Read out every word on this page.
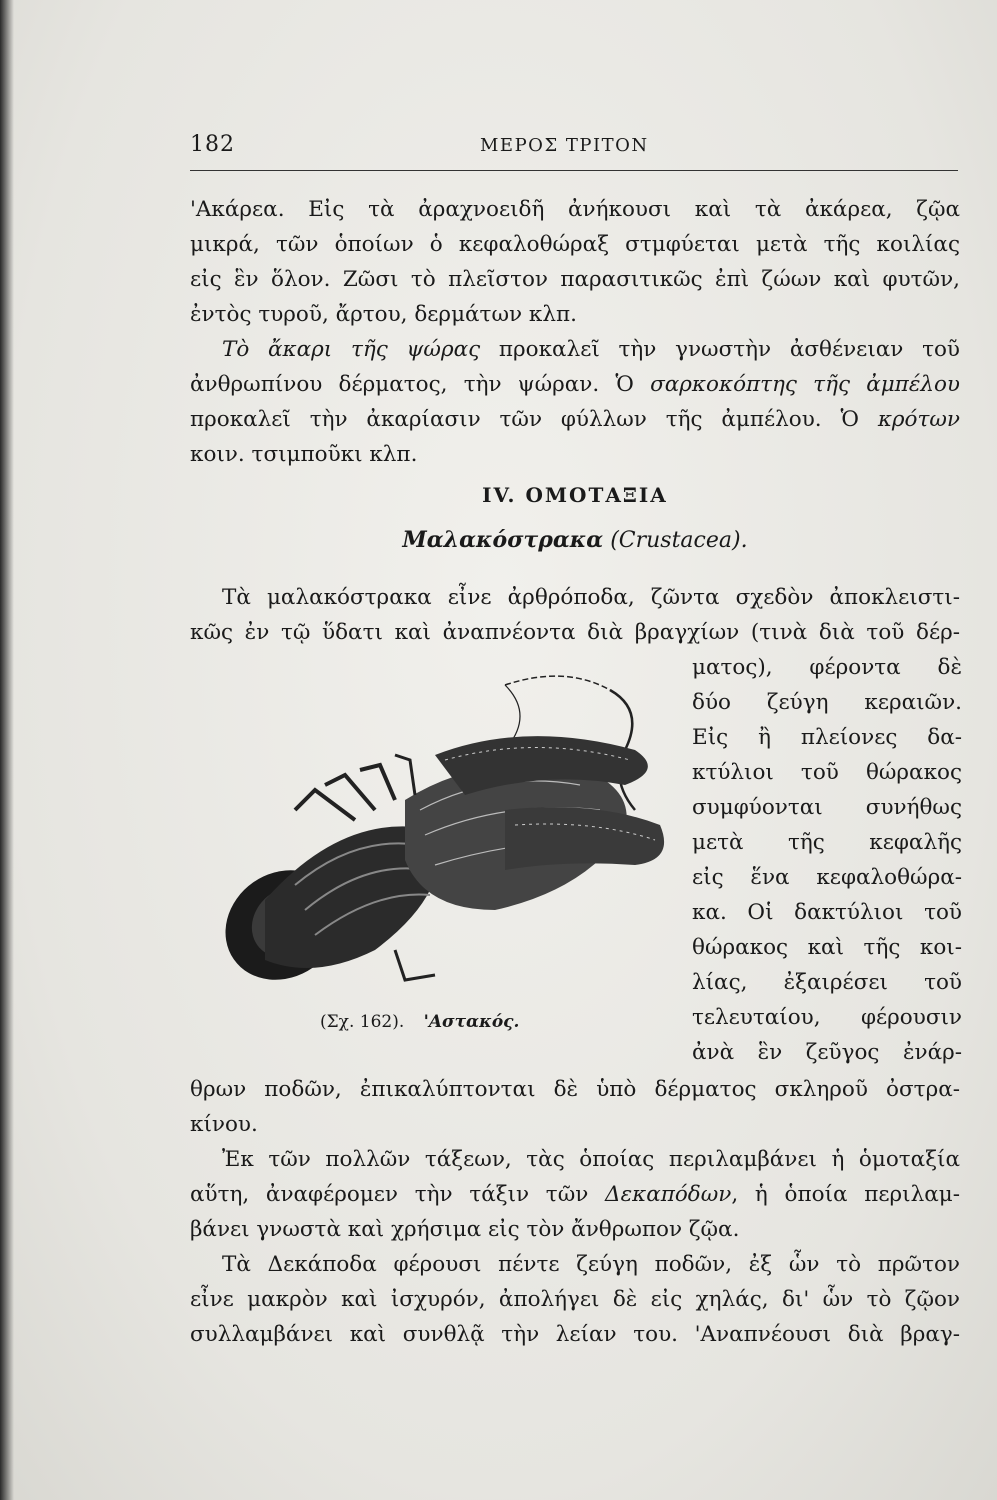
182	ΜΕΡΟΣ ΤΡΙΤΟΝ
'Ακάρεα. Εἰς τὰ ἀραχνοειδῆ ἀνήκουσι καὶ τὰ ἀκάρεα, ζῷα
μικρά, τῶν ὁποίων ὁ κεφαλοθώραξ στμφύεται μετὰ τῆς κοιλίας
εἰς ἓν ὅλον. Ζῶσι τὸ πλεῖστον παρασιτικῶς ἐπὶ ζώων καὶ φυτῶν,
ἐντὸς τυροῦ, ἄρτου, δερμάτων κλπ.
Τὸ ἄκαρι τῆς ψώρας προκαλεῖ τὴν γνωστὴν ἀσθένειαν τοῦ
ἀνθρωπίνου δέρματος, τὴν ψώραν. Ὁ σαρκοκόπτης τῆς ἀμπέλου
προκαλεῖ τὴν ἀκαρίασιν τῶν φύλλων τῆς ἀμπέλου. Ὁ κρότων
κοιν. τσιμποῦκι κλπ.
IV. ΟΜΟΤΑΞΙΑ
Μαλακόστρακα (Crustacea).
Τὰ μαλακόστρακα εἶνε ἀρθρόποδα, ζῶντα σχεδὸν ἀποκλειστι-
κῶς ἐν τῷ ὕδατι καὶ ἀναπνέοντα διὰ βραγχίων (τινὰ διὰ τοῦ δέρ-
ματος), φέροντα δὲ
δύο ζεύγη κεραιῶν.
Εἰς ἢ πλείονες δα-
κτύλιοι τοῦ θώρακος
συμφύονται συνήθως
μετὰ τῆς κεφαλῆς
εἰς ἕνα κεφαλοθώρα-
κα. Οἱ δακτύλιοι τοῦ
θώρακος καὶ τῆς κοι-
λίας, ἐξαιρέσει τοῦ
τελευταίου, φέρουσιν
ἀνὰ ἓν ζεῦγος ἐνάρ-
(Σχ. 162). 'Αστακός.
θρων ποδῶν, ἐπικαλύπτονται δὲ ὑπὸ δέρματος σκληροῦ ὀστρα-
κίνου.
Ἐκ τῶν πολλῶν τάξεων, τὰς ὁποίας περιλαμβάνει ἡ ὁμοταξία
αὕτη, ἀναφέρομεν τὴν τάξιν τῶν Δεκαπόδων, ἡ ὁποία περιλαμ-
βάνει γνωστὰ καὶ χρήσιμα εἰς τὸν ἄνθρωπον ζῷα.
Τὰ Δεκάποδα φέρουσι πέντε ζεύγη ποδῶν, ἐξ ὧν τὸ πρῶτον
εἶνε μακρὸν καὶ ἰσχυρόν, ἀπολήγει δὲ εἰς χηλάς, δι' ὧν τὸ ζῷον
συλλαμβάνει καὶ συνθλᾷ τὴν λείαν του. 'Αναπνέουσι διὰ βραγ-
